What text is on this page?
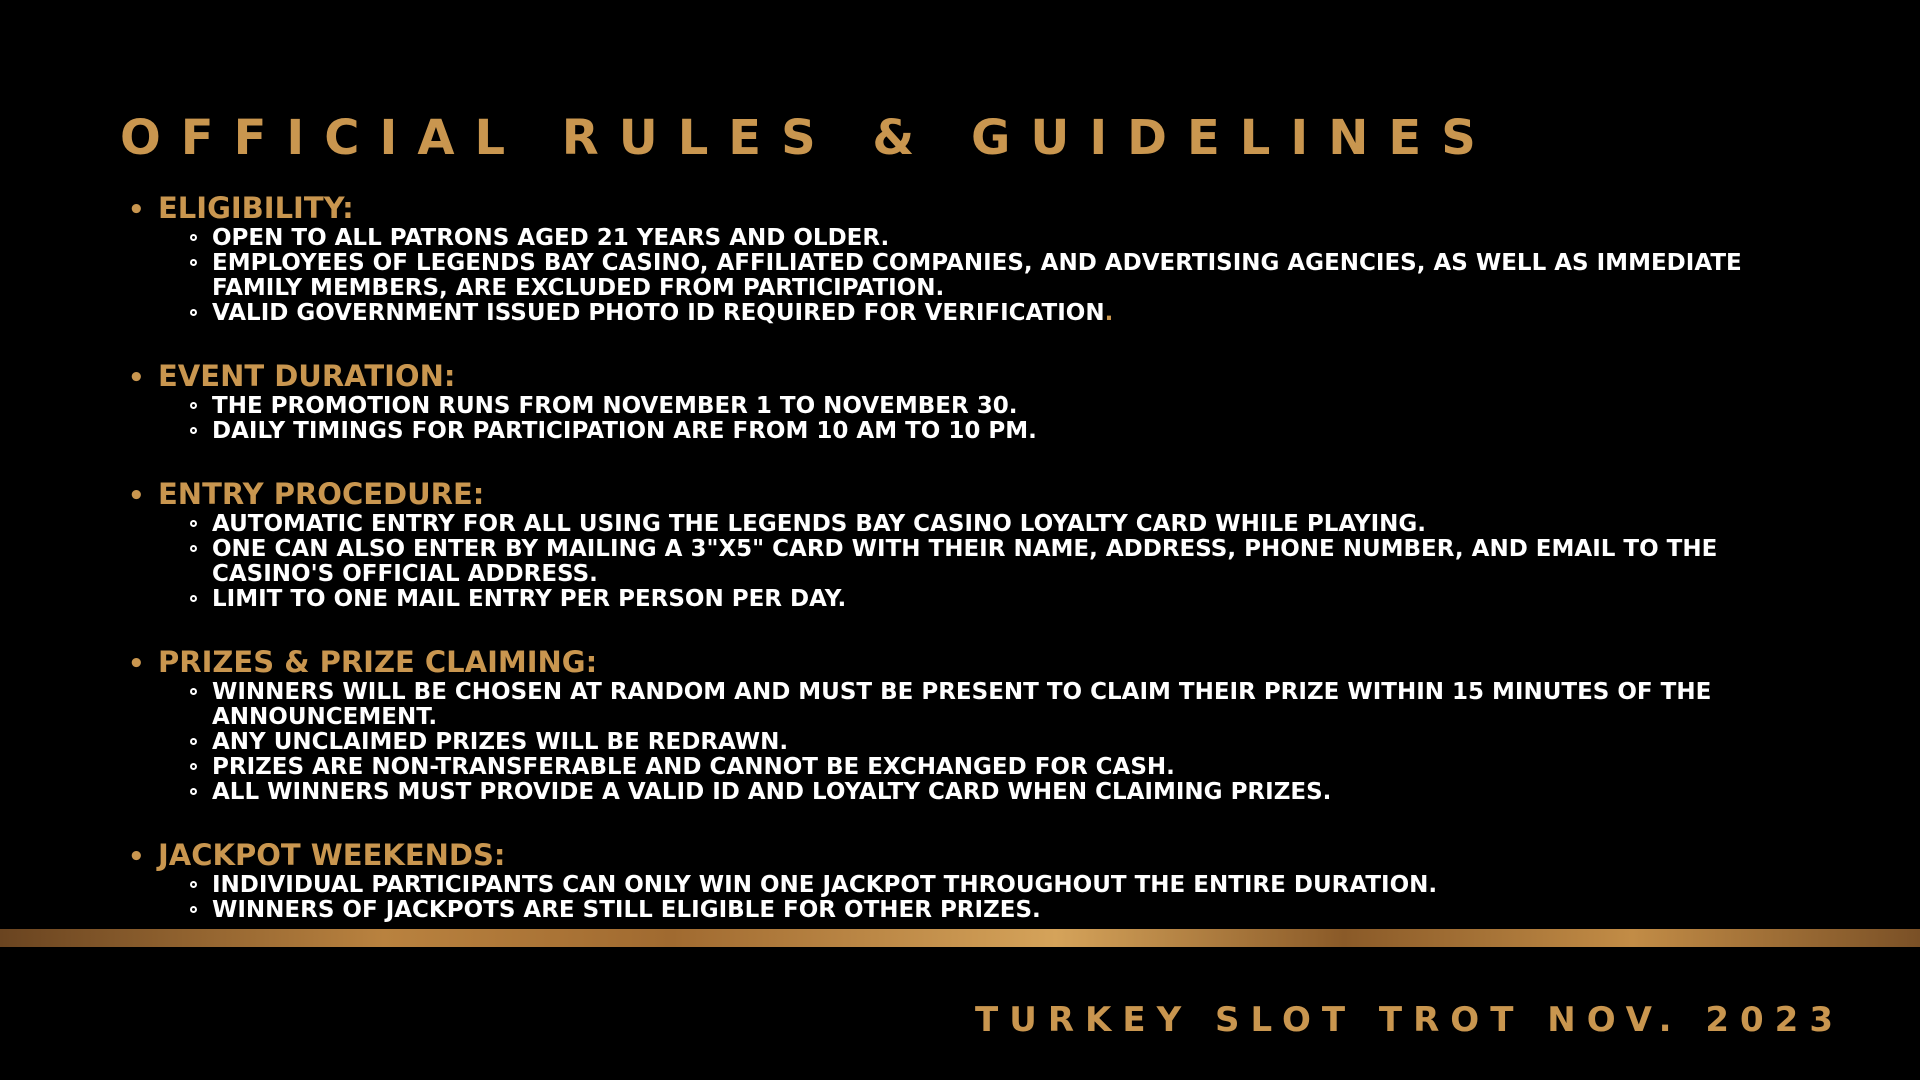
OFFICIAL RULES & GUIDELINES
• ELIGIBILITY:
OPEN TO ALL PATRONS AGED 21 YEARS AND OLDER.
EMPLOYEES OF LEGENDS BAY CASINO, AFFILIATED COMPANIES, AND ADVERTISING AGENCIES, AS WELL AS IMMEDIATE FAMILY MEMBERS, ARE EXCLUDED FROM PARTICIPATION.
VALID GOVERNMENT ISSUED PHOTO ID REQUIRED FOR VERIFICATION.
• EVENT DURATION:
THE PROMOTION RUNS FROM NOVEMBER 1 TO NOVEMBER 30.
DAILY TIMINGS FOR PARTICIPATION ARE FROM 10 AM TO 10 PM.
• ENTRY PROCEDURE:
AUTOMATIC ENTRY FOR ALL USING THE LEGENDS BAY CASINO LOYALTY CARD WHILE PLAYING.
ONE CAN ALSO ENTER BY MAILING A 3"X5" CARD WITH THEIR NAME, ADDRESS, PHONE NUMBER, AND EMAIL TO THE CASINO'S OFFICIAL ADDRESS.
LIMIT TO ONE MAIL ENTRY PER PERSON PER DAY.
• PRIZES & PRIZE CLAIMING:
WINNERS WILL BE CHOSEN AT RANDOM AND MUST BE PRESENT TO CLAIM THEIR PRIZE WITHIN 15 MINUTES OF THE ANNOUNCEMENT.
ANY UNCLAIMED PRIZES WILL BE REDRAWN.
PRIZES ARE NON-TRANSFERABLE AND CANNOT BE EXCHANGED FOR CASH.
ALL WINNERS MUST PROVIDE A VALID ID AND LOYALTY CARD WHEN CLAIMING PRIZES.
• JACKPOT WEEKENDS:
INDIVIDUAL PARTICIPANTS CAN ONLY WIN ONE JACKPOT THROUGHOUT THE ENTIRE DURATION.
WINNERS OF JACKPOTS ARE STILL ELIGIBLE FOR OTHER PRIZES.
TURKEY SLOT TROT NOV. 2023
